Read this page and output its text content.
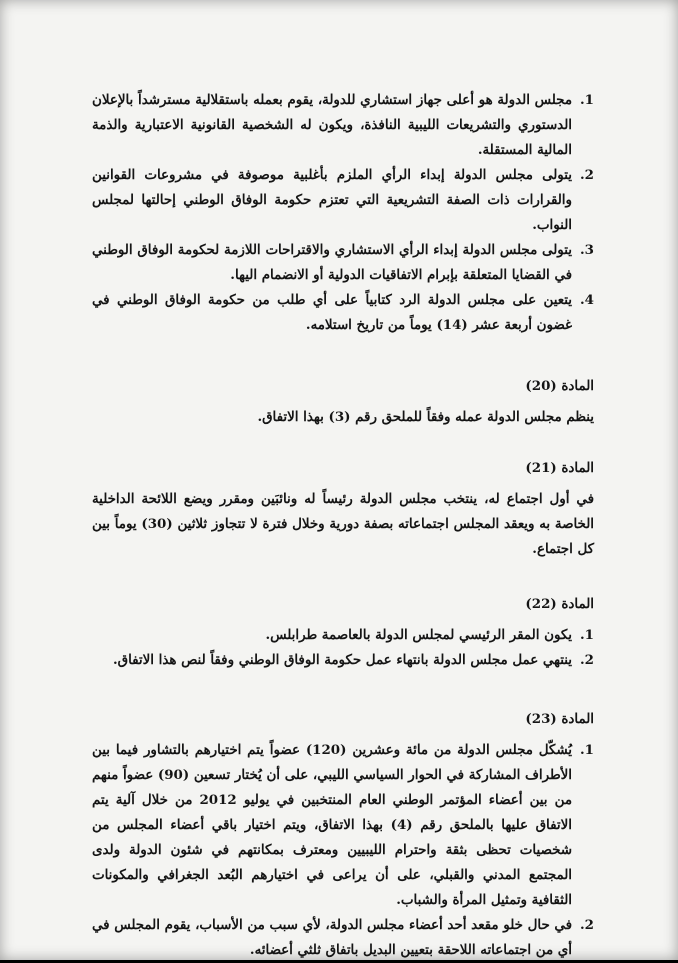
.1
مجلس الدولة هو أعلى جهاز استشاري للدولة، يقوم بعمله باستقلالية مسترشداً بالإعلان الدستوري والتشريعات الليبية النافذة، ويكون له الشخصية القانونية الاعتبارية والذمة المالية المستقلة.
.2
يتولى مجلس الدولة إبداء الرأي الملزم بأغلبية موصوفة في مشروعات القوانين والقرارات ذات الصفة التشريعية التي تعتزم حكومة الوفاق الوطني إحالتها لمجلس النواب.
.3
يتولى مجلس الدولة إبداء الرأي الاستشاري والاقتراحات اللازمة لحكومة الوفاق الوطني في القضايا المتعلقة بإبرام الاتفاقيات الدولية أو الانضمام اليها.
.4
يتعين على مجلس الدولة الرد كتابياً على أي طلب من حكومة الوفاق الوطني في غضون أربعة عشر (14) يوماً من تاريخ استلامه.
المادة (20)

ينظم مجلس الدولة عمله وفقاً للملحق رقم (3) بهذا الاتفاق.

المادة (21)

في أول اجتماع له، ينتخب مجلس الدولة رئيساً له ونائبَين ومقرر ويضع اللائحة الداخلية الخاصة به ويعقد المجلس اجتماعاته بصفة دورية وخلال فترة لا تتجاوز ثلاثين (30) يوماً بين كل اجتماع.

المادة (22)
.1
يكون المقر الرئيسي لمجلس الدولة بالعاصمة طرابلس.
.2
ينتهي عمل مجلس الدولة بانتهاء عمل حكومة الوفاق الوطني وفقاً لنص هذا الاتفاق.
المادة (23)
.1
يُشكّل مجلس الدولة من مائة وعشرين (120) عضواً يتم اختيارهم بالتشاور فيما بين الأطراف المشاركة في الحوار السياسي الليبي، على أن يُختار تسعين (90) عضواً منهم من بين أعضاء المؤتمر الوطني العام المنتخبين في يوليو 2012 من خلال آلية يتم الاتفاق عليها بالملحق رقم (4) بهذا الاتفاق، ويتم اختيار باقي أعضاء المجلس من شخصيات تحظى بثقة واحترام الليبيين ومعترف بمكانتهم في شئون الدولة ولدى المجتمع المدني والقبلي، على أن يراعى في اختيارهم البُعد الجغرافي والمكونات الثقافية وتمثيل المرأة والشباب.
.2
في حال خلو مقعد أحد أعضاء مجلس الدولة، لأي سبب من الأسباب، يقوم المجلس في أي من اجتماعاته اللاحقة بتعيين البديل باتفاق ثلثي أعضائه.
